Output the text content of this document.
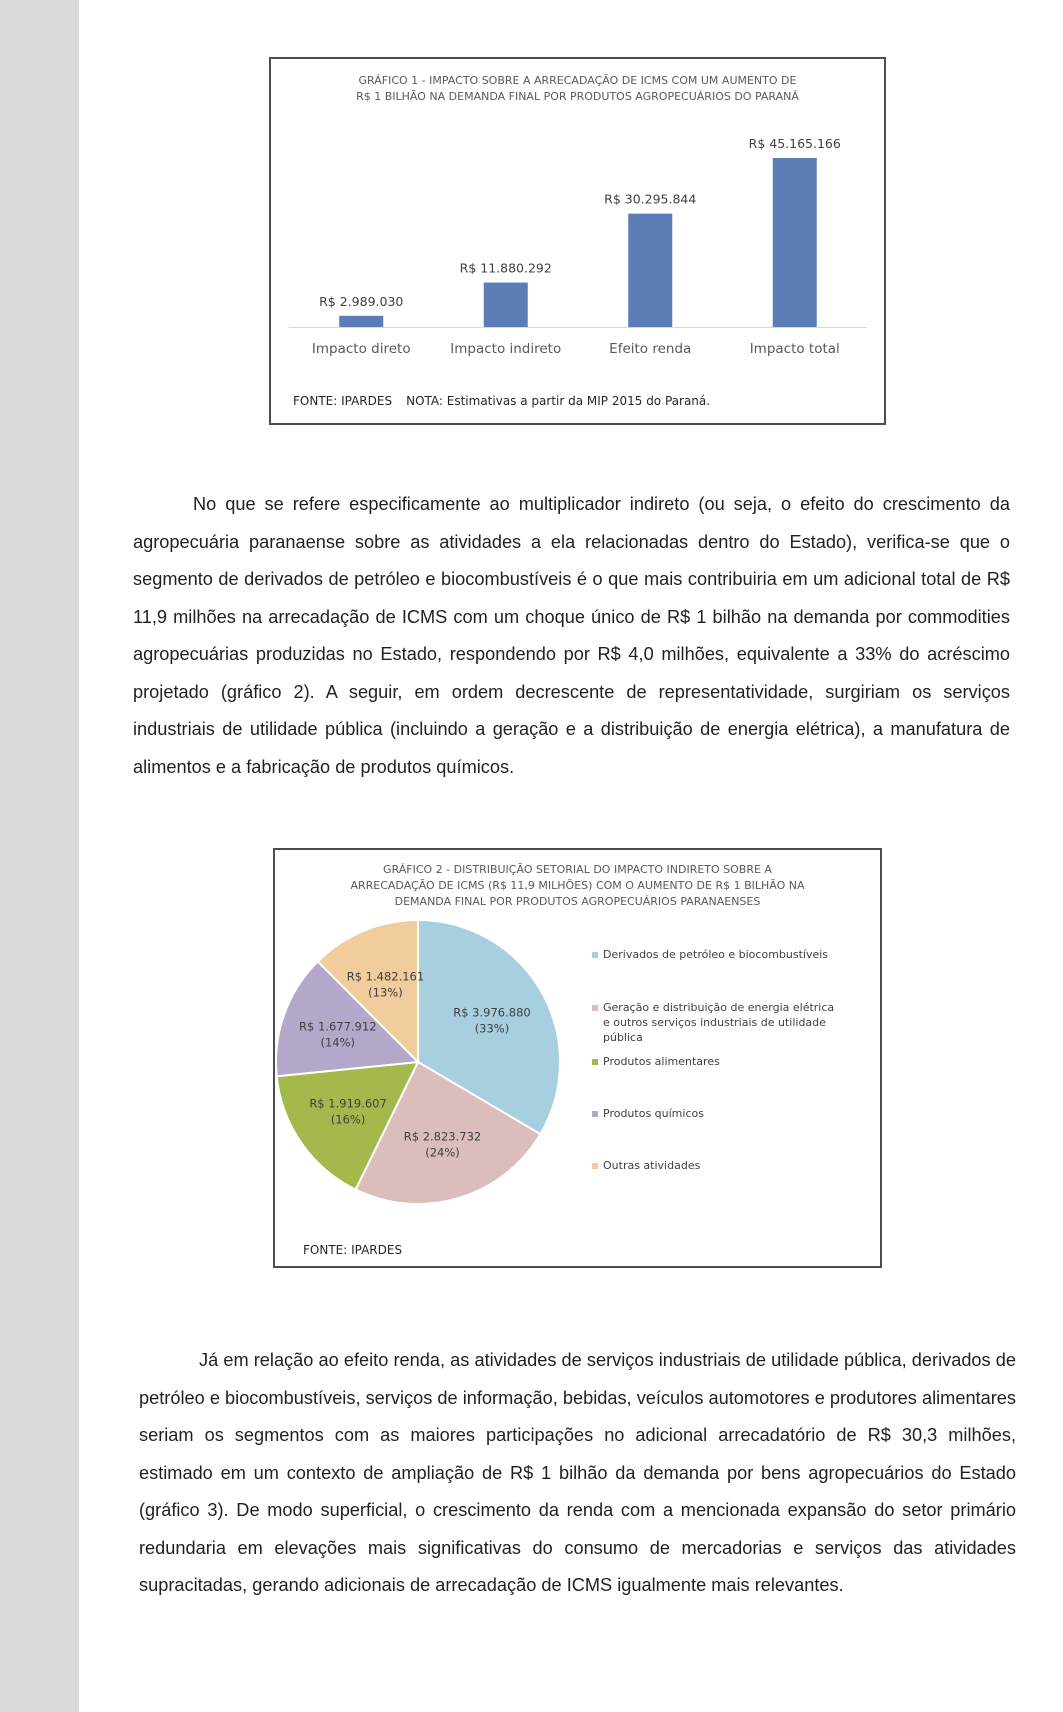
GRÁFICO 1 - IMPACTO SOBRE A ARRECADAÇÃO DE ICMS COM UM AUMENTO DE
R$ 1 BILHÃO NA DEMANDA FINAL POR PRODUTOS AGROPECUÁRIOS DO PARANÁ
R$ 2.989.030
Impacto direto
R$ 11.880.292
Impacto indireto
R$ 30.295.844
Efeito renda
R$ 45.165.166
Impacto total

FONTE: IPARDES NOTA: Estimativas a partir da MIP 2015 do Paraná.

No que se refere especificamente ao multiplicador indireto (ou seja, o efeito do crescimento da agropecuária paranaense sobre as atividades a ela relacionadas dentro do Estado), verifica-se que o segmento de derivados de petróleo e biocombustíveis é o que mais contribuiria em um adicional total de R$ 11,9 milhões na arrecadação de ICMS com um choque único de R$ 1 bilhão na demanda por commodities agropecuárias produzidas no Estado, respondendo por R$ 4,0 milhões, equivalente a 33% do acréscimo projetado (gráfico 2). A seguir, em ordem decrescente de representatividade, surgiriam os serviços industriais de utilidade pública (incluindo a geração e a distribuição de energia elétrica), a manufatura de alimentos e a fabricação de produtos químicos.

GRÁFICO 2 - DISTRIBUIÇÃO SETORIAL DO IMPACTO INDIRETO SOBRE A
ARRECADAÇÃO DE ICMS (R$ 11,9 MILHÕES) COM O AUMENTO DE R$ 1 BILHÃO NA
DEMANDA FINAL POR PRODUTOS AGROPECUÁRIOS PARANAENSES
R$ 3.976.880
(33%)
R$ 2.823.732
(24%)
R$ 1.919.607
(16%)
R$ 1.677.912
(14%)
R$ 1.482.161
(13%)
Derivados de petróleo e biocombustíveis
Geração e distribuição de energia elétrica
e outros serviços industriais de utilidade
pública
Produtos alimentares
Produtos químicos
Outras atividades

FONTE: IPARDES

Já em relação ao efeito renda, as atividades de serviços industriais de utilidade pública, derivados de petróleo e biocombustíveis, serviços de informação, bebidas, veículos automotores e produtores alimentares seriam os segmentos com as maiores participações no adicional arrecadatório de R$ 30,3 milhões, estimado em um contexto de ampliação de R$ 1 bilhão da demanda por bens agropecuários do Estado (gráfico 3). De modo superficial, o crescimento da renda com a mencionada expansão do setor primário redundaria em elevações mais significativas do consumo de mercadorias e serviços das atividades supracitadas, gerando adicionais de arrecadação de ICMS igualmente mais relevantes.
